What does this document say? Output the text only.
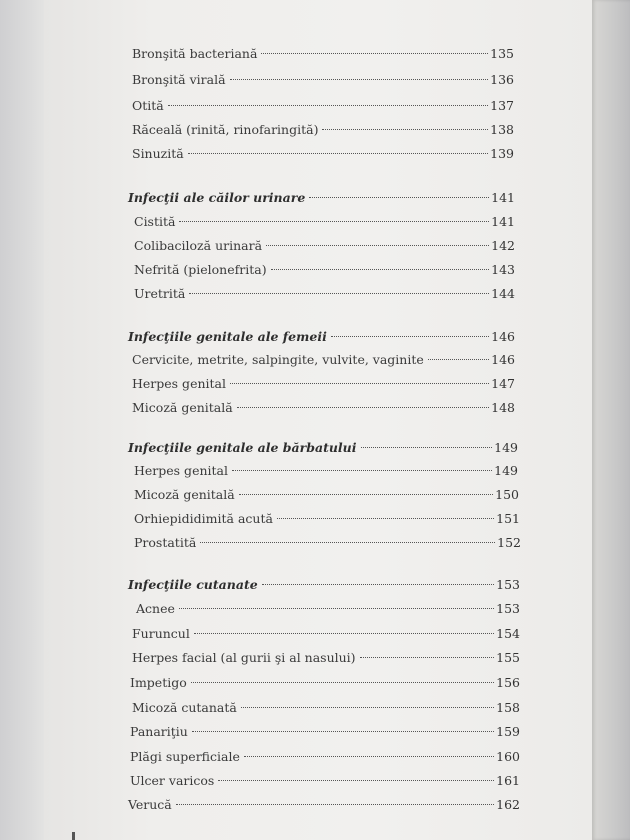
Bronşită bacteriană	135
Bronşită virală	136
Otită	137
Răceală (rinită, rinofaringită)	138
Sinuzită	139
Infecţii ale căilor urinare	141
Cistită	141
Colibaciloză urinară	142
Nefrită (pielonefrita)	143
Uretrită	144
Infecţiile genitale ale femeii	146
Cervicite, metrite, salpingite, vulvite, vaginite	146
Herpes genital	147
Micoză genitală	148
Infecţiile genitale ale bărbatului	149
Herpes genital	149
Micoză genitală	150
Orhiepididimită acută	151
Prostatită	152
Infecţiile cutanate	153
Acnee	153
Furuncul	154
Herpes facial (al gurii şi al nasului)	155
Impetigo	156
Micoză cutanată	158
Panariţiu	159
Plăgi superficiale	160
Ulcer varicos	161
Verucă	162
